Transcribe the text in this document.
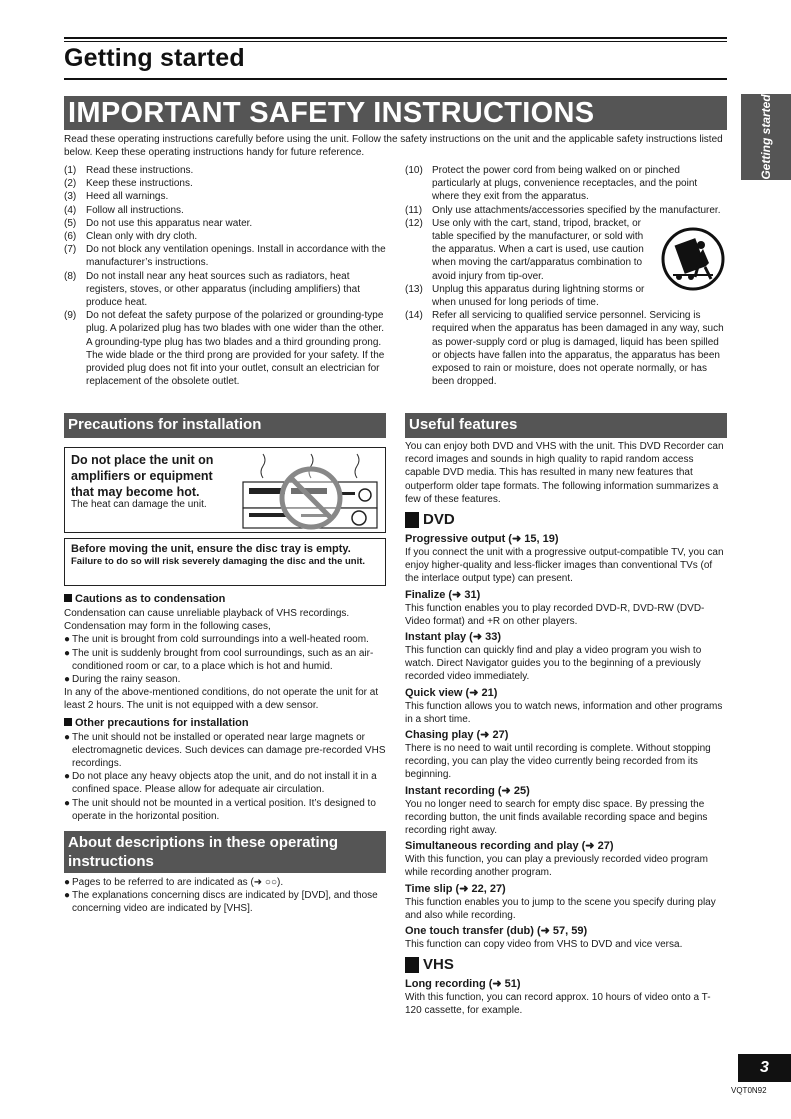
Getting started
IMPORTANT SAFETY INSTRUCTIONS	Getting started
Read these operating instructions carefully before using the unit. Follow the safety instructions on the unit and the applicable safety instructions listed below. Keep these operating instructions handy for future reference.
(1) Read these instructions.
(2) Keep these instructions.
(3) Heed all warnings.
(4) Follow all instructions.
(5) Do not use this apparatus near water.
(6) Clean only with dry cloth.
(7) Do not block any ventilation openings. Install in accordance with the manufacturer’s instructions.
(8) Do not install near any heat sources such as radiators, heat registers, stoves, or other apparatus (including amplifiers) that produce heat.
(9) Do not defeat the safety purpose of the polarized or grounding-type plug. A polarized plug has two blades with one wider than the other. A grounding-type plug has two blades and a third grounding prong. The wide blade or the third prong are provided for your safety. If the provided plug does not fit into your outlet, consult an electrician for replacement of the obsolete outlet.
(10) Protect the power cord from being walked on or pinched particularly at plugs, convenience receptacles, and the point where they exit from the apparatus.
(11) Only use attachments/accessories specified by the manufacturer.
(12) Use only with the cart, stand, tripod, bracket, or table specified by the manufacturer, or sold with the apparatus. When a cart is used, use caution when moving the cart/apparatus combination to avoid injury from tip-over.
(13) Unplug this apparatus during lightning storms or when unused for long periods of time.
(14) Refer all servicing to qualified service personnel. Servicing is required when the apparatus has been damaged in any way, such as power-supply cord or plug is damaged, liquid has been spilled or objects have fallen into the apparatus, the apparatus has been exposed to rain or moisture, does not operate normally, or has been dropped.
Precautions for installation
Do not place the unit on amplifiers or equipment that may become hot.
The heat can damage the unit.
Before moving the unit, ensure the disc tray is empty.
Failure to do so will risk severely damaging the disc and the unit.
Cautions as to condensation
Condensation can cause unreliable playback of VHS recordings. Condensation may form in the following cases,
● The unit is brought from cold surroundings into a well-heated room.
● The unit is suddenly brought from cool surroundings, such as an air-conditioned room or car, to a place which is hot and humid.
● During the rainy season.
In any of the above-mentioned conditions, do not operate the unit for at least 2 hours. The unit is not equipped with a dew sensor.
Other precautions for installation
● The unit should not be installed or operated near large magnets or electromagnetic devices. Such devices can damage pre-recorded VHS recordings.
● Do not place any heavy objects atop the unit, and do not install it in a confined space. Please allow for adequate air circulation.
● The unit should not be mounted in a vertical position. It’s designed to operate in the horizontal position.
About descriptions in these operating instructions
● Pages to be referred to are indicated as (➜ ○○).
● The explanations concerning discs are indicated by [DVD], and those concerning video are indicated by [VHS].
Useful features
You can enjoy both DVD and VHS with the unit. This DVD Recorder can record images and sounds in high quality to rapid random access capable DVD media. This has resulted in many new features that outperform older tape formats. The following information summarizes a few of these features.
DVD
Progressive output (➜ 15, 19)
If you connect the unit with a progressive output-compatible TV, you can enjoy higher-quality and less-flicker images than conventional TVs (of the interlace output type) can present.
Finalize (➜ 31)
This function enables you to play recorded DVD-R, DVD-RW (DVD-Video format) and +R on other players.
Instant play (➜ 33)
This function can quickly find and play a video program you wish to watch. Direct Navigator guides you to the beginning of a previously recorded video immediately.
Quick view (➜ 21)
This function allows you to watch news, information and other programs in a short time.
Chasing play (➜ 27)
There is no need to wait until recording is complete. Without stopping recording, you can play the video currently being recorded from its beginning.
Instant recording (➜ 25)
You no longer need to search for empty disc space. By pressing the recording button, the unit finds available recording space and begins recording right away.
Simultaneous recording and play (➜ 27)
With this function, you can play a previously recorded video program while recording another program.
Time slip (➜ 22, 27)
This function enables you to jump to the scene you specify during play and also while recording.
One touch transfer (dub) (➜ 57, 59)
This function can copy video from VHS to DVD and vice versa.
VHS
Long recording (➜ 51)
With this function, you can record approx. 10 hours of video onto a T-120 cassette, for example.
3
VQT0N92
